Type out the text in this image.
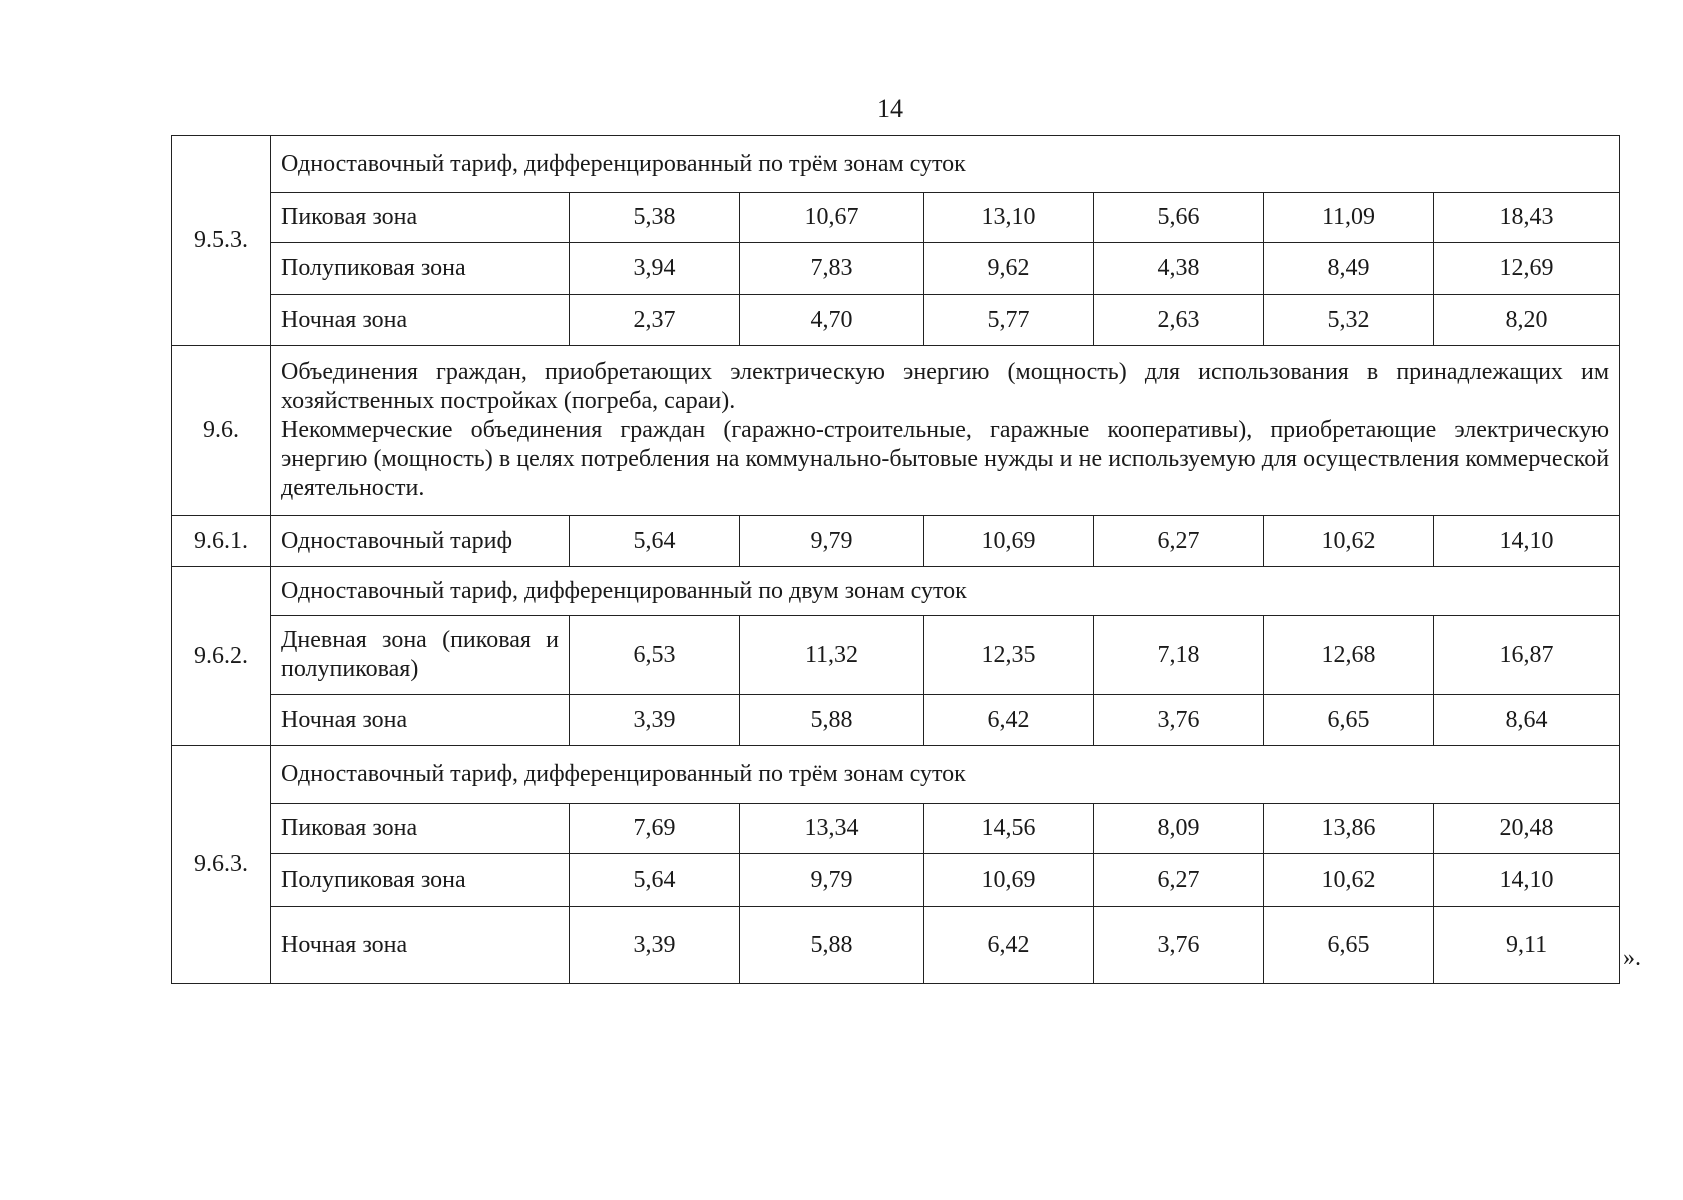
14
9.5.3.	Одноставочный тариф, дифференцированный по трём зонам суток						
	Пиковая зона	5,38	10,67	13,10	5,66	11,09	18,43
	Полупиковая зона	3,94	7,83	9,62	4,38	8,49	12,69
	Ночная зона	2,37	4,70	5,77	2,63	5,32	8,20
9.6.	Объединения граждан, приобретающих электрическую энергию (мощность) для использования в принадлежащих им хозяйственных постройках (погреба, сараи).

Некоммерческие объединения граждан (гаражно-строительные, гаражные кооперативы), приобретающие электрическую энергию (мощность) в целях потребления на коммунально-бытовые нужды и не используемую для осуществления коммерческой деятельности.						

9.6.1.	Одноставочный тариф	5,64	9,79	10,69	6,27	10,62	14,10
9.6.2.	Одноставочный тариф, дифференцированный по двум зонам суток						
	Дневная зона (пиковая и полупиковая)	6,53	11,32	12,35	7,18	12,68	16,87
	Ночная зона	3,39	5,88	6,42	3,76	6,65	8,64
9.6.3.	Одноставочный тариф, дифференцированный по трём зонам суток						
	Пиковая зона	7,69	13,34	14,56	8,09	13,86	20,48
	Полупиковая зона	5,64	9,79	10,69	6,27	10,62	14,10
	Ночная зона	3,39	5,88	6,42	3,76	6,65	9,11
».
